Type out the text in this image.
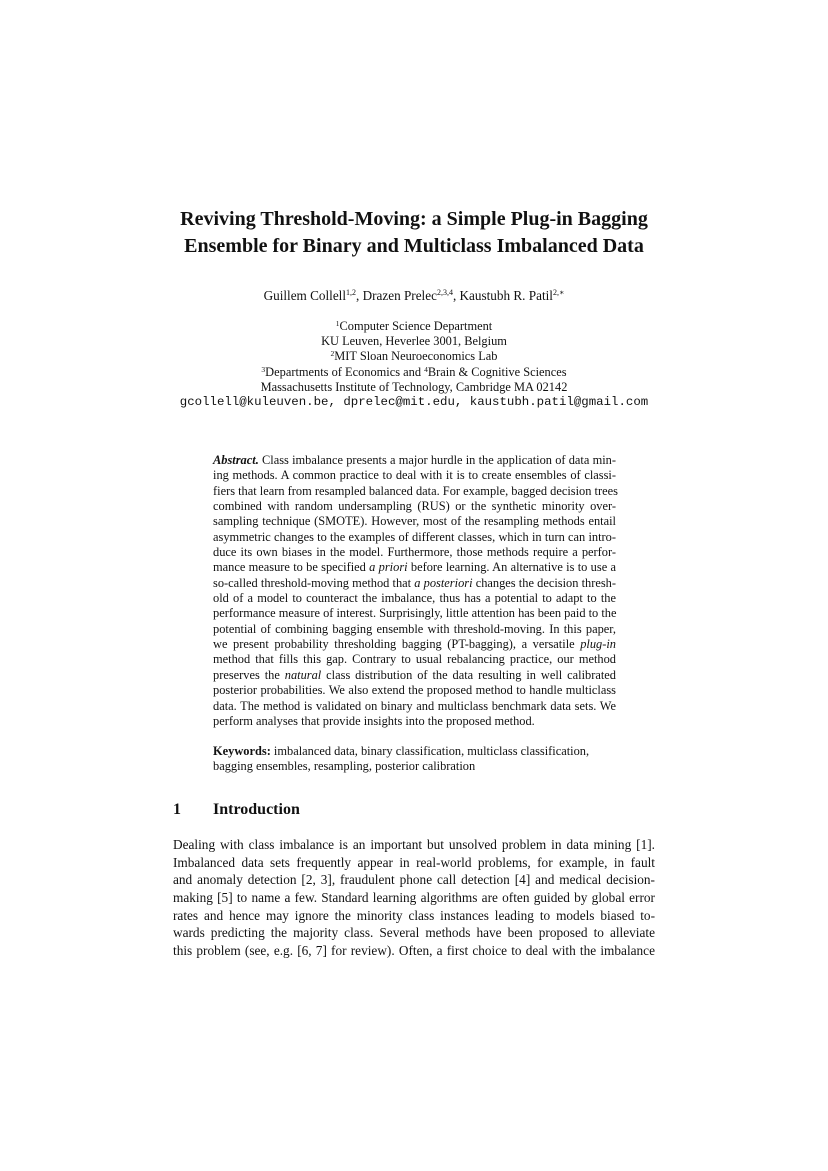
Reviving Threshold-Moving: a Simple Plug-in Bagging
Ensemble for Binary and Multiclass Imbalanced Data
Guillem Collell$^{1,2}$, Drazen Prelec$^{2,3,4}$, Kaustubh R. Patil$^{2,∗}$
$^1$Computer Science Department
KU Leuven, Heverlee 3001, Belgium
$^2$MIT Sloan Neuroeconomics Lab
$^3$Departments of Economics and $^4$Brain & Cognitive Sciences
Massachusetts Institute of Technology, Cambridge MA 02142
gcollell@kuleuven.be, dprelec@mit.edu, kaustubh.patil@gmail.com
Abstract. Class imbalance presents a major hurdle in the application of data min-
ing methods. A common practice to deal with it is to create ensembles of classi-
fiers that learn from resampled balanced data. For example, bagged decision trees
combined with random undersampling (RUS) or the synthetic minority over-
sampling technique (SMOTE). However, most of the resampling methods entail
asymmetric changes to the examples of different classes, which in turn can intro-
duce its own biases in the model. Furthermore, those methods require a perfor-
mance measure to be specified a priori before learning. An alternative is to use a
so-called threshold-moving method that a posteriori changes the decision thresh-
old of a model to counteract the imbalance, thus has a potential to adapt to the
performance measure of interest. Surprisingly, little attention has been paid to the
potential of combining bagging ensemble with threshold-moving. In this paper,
we present probability thresholding bagging (PT-bagging), a versatile plug-in
method that fills this gap. Contrary to usual rebalancing practice, our method
preserves the natural class distribution of the data resulting in well calibrated
posterior probabilities. We also extend the proposed method to handle multiclass
data. The method is validated on binary and multiclass benchmark data sets. We
perform analyses that provide insights into the proposed method.
Keywords: imbalanced data, binary classification, multiclass classification,
bagging ensembles, resampling, posterior calibration
1 Introduction
Dealing with class imbalance is an important but unsolved problem in data mining [1].
Imbalanced data sets frequently appear in real-world problems, for example, in fault
and anomaly detection [2, 3], fraudulent phone call detection [4] and medical decision-
making [5] to name a few. Standard learning algorithms are often guided by global error
rates and hence may ignore the minority class instances leading to models biased to-
wards predicting the majority class. Several methods have been proposed to alleviate
this problem (see, e.g. [6, 7] for review). Often, a first choice to deal with the imbalance
